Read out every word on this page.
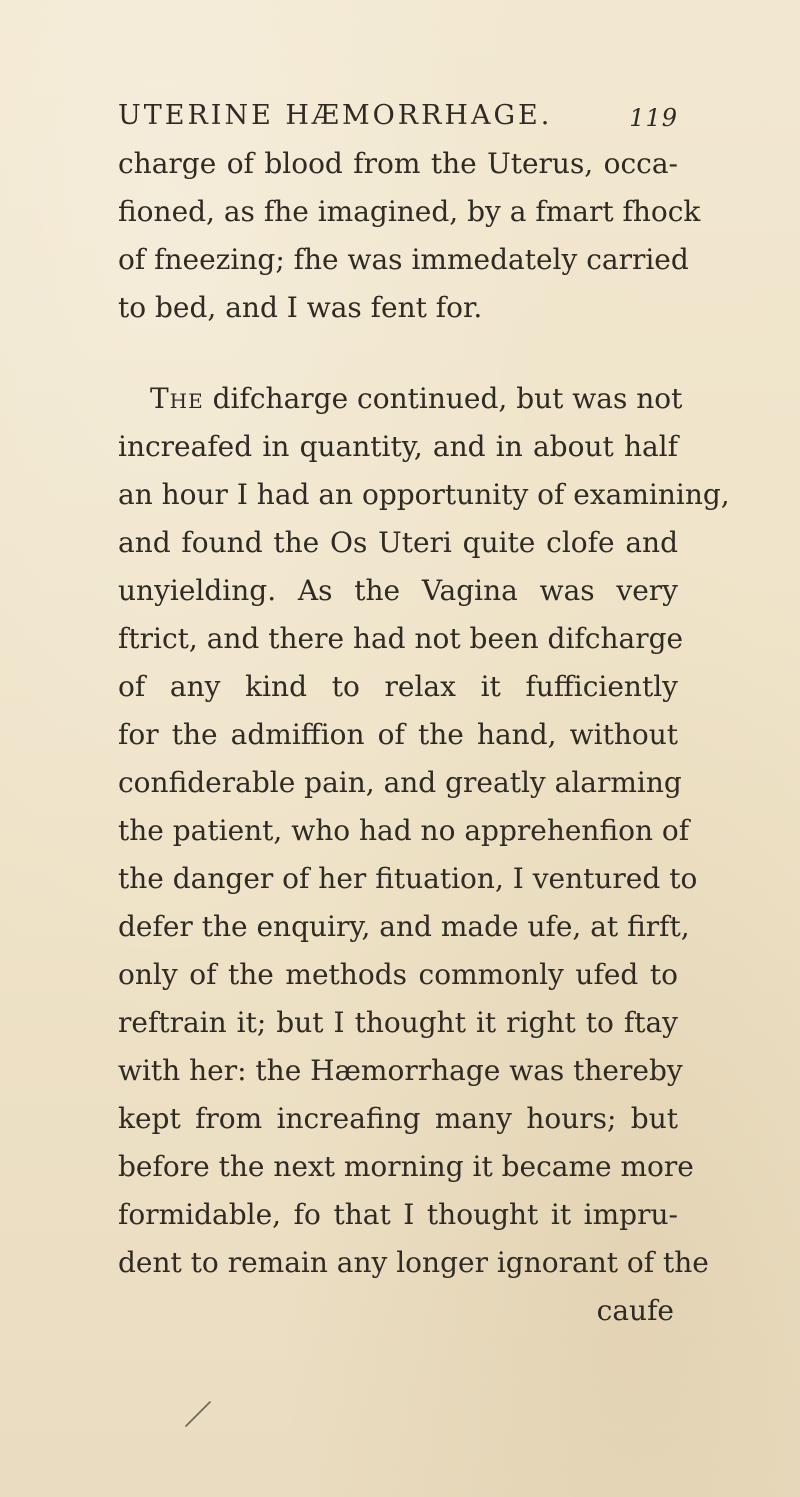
UTERINE HÆMORRHAGE.	119
charge of blood from the Uterus, occa-
fioned, as fhe imagined, by a fmart fhock
of fneezing; fhe was immedately carried
to bed, and I was fent for.
The difcharge continued, but was not
increafed in quantity, and in about half
an hour I had an opportunity of examining,
and found the Os Uteri quite clofe and
unyielding. As the Vagina was very
ftrict, and there had not been difcharge
of any kind to relax it fufficiently
for the admiffion of the hand, without
confiderable pain, and greatly alarming
the patient, who had no apprehenfion of
the danger of her fituation, I ventured to
defer the enquiry, and made ufe, at firft,
only of the methods commonly ufed to
reftrain it; but I thought it right to ftay
with her: the Hæmorrhage was thereby
kept from increafing many hours; but
before the next morning it became more
formidable, fo that I thought it impru-
dent to remain any longer ignorant of the
caufe
